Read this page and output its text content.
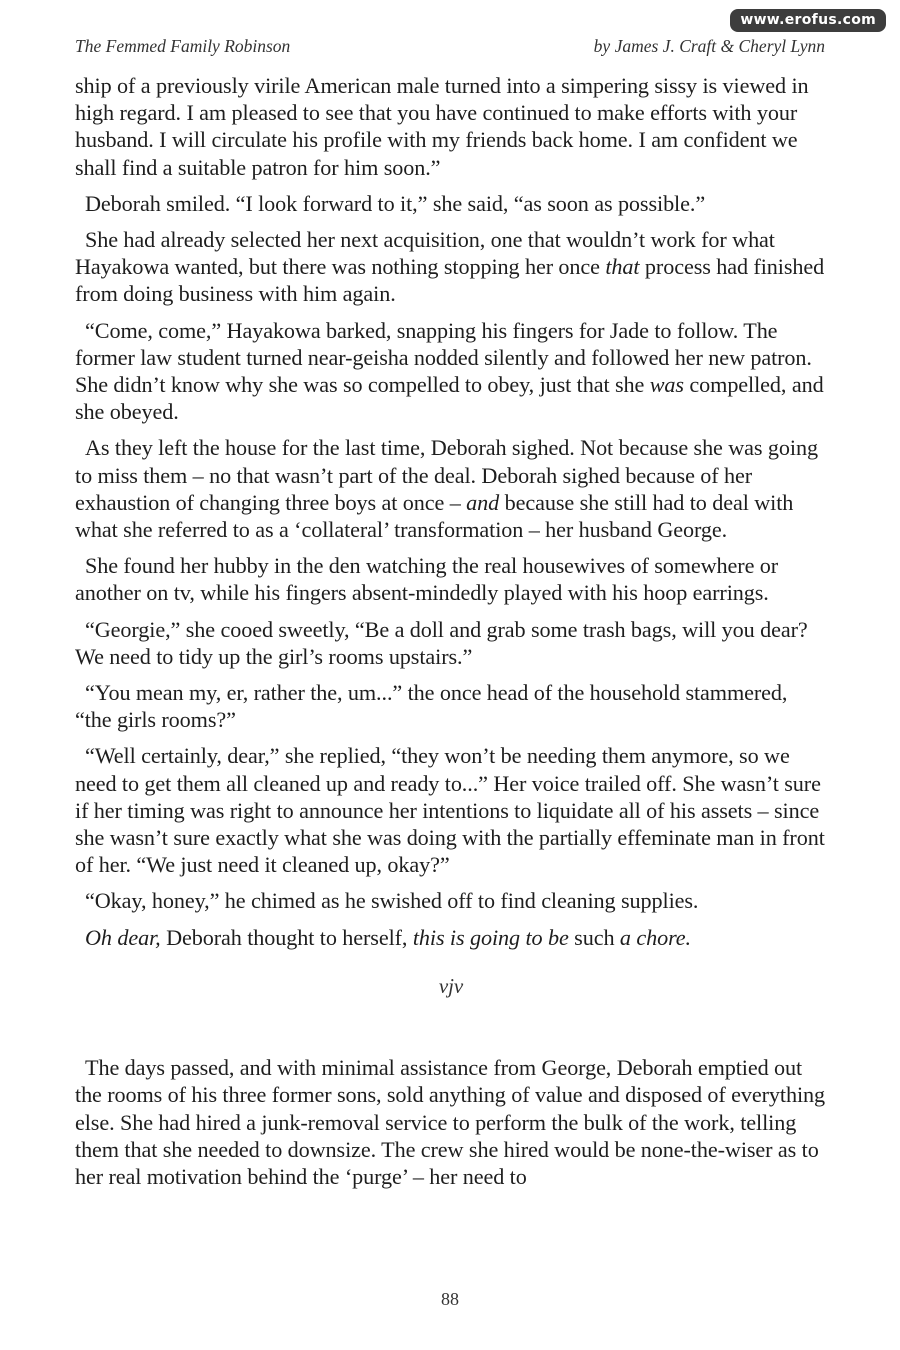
www.erofus.com
The Femmed Family Robinson	by James J. Craft & Cheryl Lynn

ship of a previously virile American male turned into a simpering sissy is viewed in high regard. I am pleased to see that you have continued to make efforts with your husband. I will circulate his profile with my friends back home. I am confident we shall find a suitable patron for him soon.”

Deborah smiled. “I look forward to it,” she said, “as soon as possible.”

She had already selected her next acquisition, one that wouldn’t work for what Hayakowa wanted, but there was nothing stopping her once that process had finished from doing business with him again.

“Come, come,” Hayakowa barked, snapping his fingers for Jade to follow. The former law student turned near-geisha nodded silently and followed her new patron. She didn’t know why she was so compelled to obey, just that she was compelled, and she obeyed.

As they left the house for the last time, Deborah sighed. Not because she was going to miss them – no that wasn’t part of the deal. Deborah sighed because of her exhaustion of changing three boys at once – and because she still had to deal with what she referred to as a ‘collateral’ transformation – her husband George.

She found her hubby in the den watching the real housewives of somewhere or another on tv, while his fingers absent-mindedly played with his hoop earrings.

“Georgie,” she cooed sweetly, “Be a doll and grab some trash bags, will you dear? We need to tidy up the girl’s rooms upstairs.”

“You mean my, er, rather the, um...” the once head of the household stammered, “the girls rooms?”

“Well certainly, dear,” she replied, “they won’t be needing them anymore, so we need to get them all cleaned up and ready to...” Her voice trailed off. She wasn’t sure if her timing was right to announce her intentions to liquidate all of his assets – since she wasn’t sure exactly what she was doing with the partially effeminate man in front of her. “We just need it cleaned up, okay?”

“Okay, honey,” he chimed as he swished off to find cleaning supplies.

Oh dear, Deborah thought to herself, this is going to be such a chore.

vjv

The days passed, and with minimal assistance from George, Deborah emptied out the rooms of his three former sons, sold anything of value and disposed of everything else. She had hired a junk-removal service to perform the bulk of the work, telling them that she needed to downsize. The crew she hired would be none-the-wiser as to her real motivation behind the ‘purge’ – her need to

88
